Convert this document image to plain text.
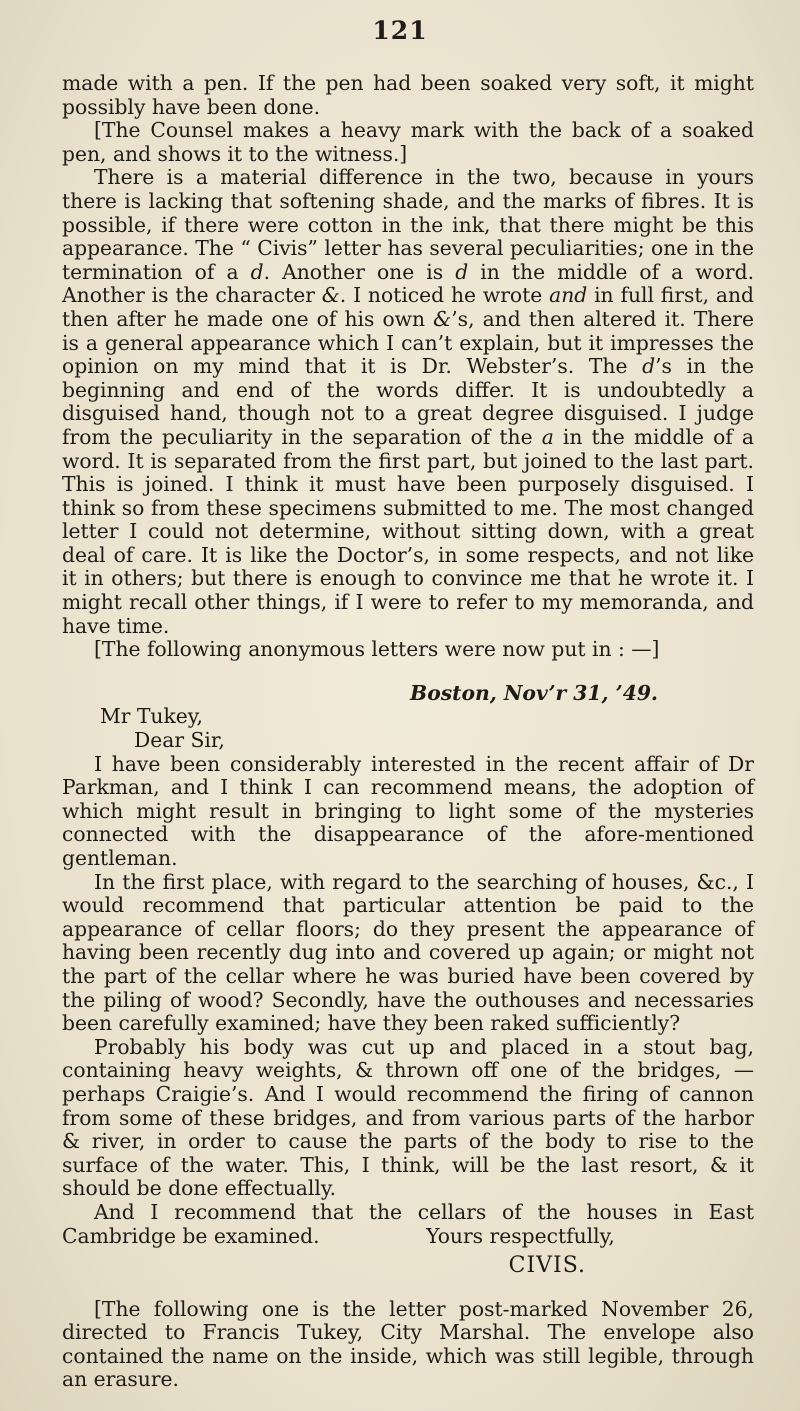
121

made with a pen. If the pen had been soaked very soft, it might possibly have been done.

[The Counsel makes a heavy mark with the back of a soaked pen, and shows it to the witness.]

There is a material difference in the two, because in yours there is lacking that softening shade, and the marks of fibres. It is possible, if there were cotton in the ink, that there might be this appearance. The “ Civis” letter has several peculiarities; one in the termination of a d. Another one is d in the middle of a word. Another is the character &. I noticed he wrote and in full first, and then after he made one of his own &’s, and then altered it. There is a general appearance which I can’t explain, but it impresses the opinion on my mind that it is Dr. Webster’s. The d’s in the beginning and end of the words differ. It is undoubtedly a disguised hand, though not to a great degree disguised. I judge from the peculiarity in the separation of the a in the middle of a word. It is separated from the first part, but joined to the last part. This is joined. I think it must have been purposely disguised. I think so from these specimens submitted to me. The most changed letter I could not determine, without sitting down, with a great deal of care. It is like the Doctor’s, in some respects, and not like it in others; but there is enough to convince me that he wrote it. I might recall other things, if I were to refer to my memoranda, and have time.

[The following anonymous letters were now put in : —]

Boston, Nov’r 31, ’49.

Mr Tukey,

Dear Sir,

I have been considerably interested in the recent affair of Dr Parkman, and I think I can recommend means, the adoption of which might result in bringing to light some of the mysteries connected with the disappearance of the afore-mentioned gentleman.

In the first place, with regard to the searching of houses, &c., I would recommend that particular attention be paid to the appearance of cellar floors; do they present the appearance of having been recently dug into and covered up again; or might not the part of the cellar where he was buried have been covered by the piling of wood? Secondly, have the outhouses and necessaries been carefully examined; have they been raked sufficiently?

Probably his body was cut up and placed in a stout bag, containing heavy weights, & thrown off one of the bridges, — perhaps Craigie’s. And I would recommend the firing of cannon from some of these bridges, and from various parts of the harbor & river, in order to cause the parts of the body to rise to the surface of the water. This, I think, will be the last resort, & it should be done effectually.

And I recommend that the cellars of the houses in East Cambridge be examined.	Yours respectfully,

CIVIS.

[The following one is the letter post-marked November 26, directed to Francis Tukey, City Marshal. The envelope also contained the name on the inside, which was still legible, through an erasure.
